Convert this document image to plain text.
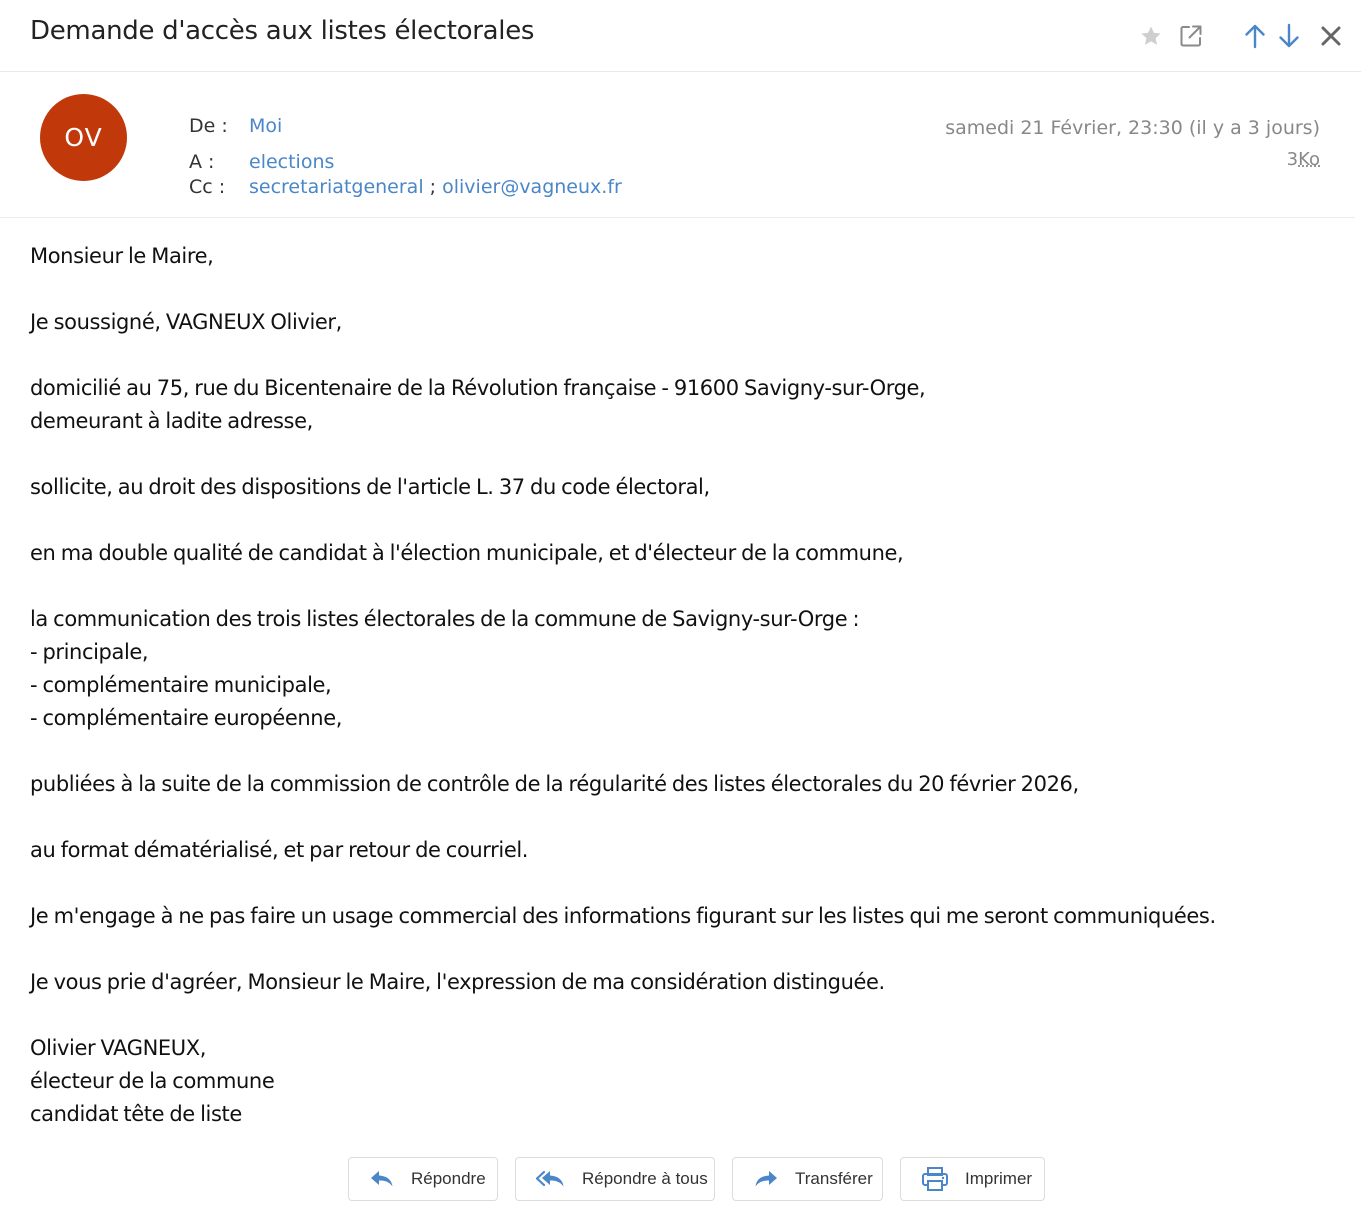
Demande d'accès aux listes électorales
OV	De : Moi
A : elections
Cc : secretariatgeneral ; olivier@vagneux.fr
samedi 21 Février, 23:30 (il y a 3 jours)
3Ko

Monsieur le Maire,

Je soussigné, VAGNEUX Olivier,

domicilié au 75, rue du Bicentenaire de la Révolution française - 91600 Savigny-sur-Orge,
demeurant à ladite adresse,

sollicite, au droit des dispositions de l'article L. 37 du code électoral,

en ma double qualité de candidat à l'élection municipale, et d'électeur de la commune,

la communication des trois listes électorales de la commune de Savigny-sur-Orge :
- principale,
- complémentaire municipale,
- complémentaire européenne,

publiées à la suite de la commission de contrôle de la régularité des listes électorales du 20 février 2026,

au format dématérialisé, et par retour de courriel.

Je m'engage à ne pas faire un usage commercial des informations figurant sur les listes qui me seront communiquées.

Je vous prie d'agréer, Monsieur le Maire, l'expression de ma considération distinguée.

Olivier VAGNEUX,
électeur de la commune
candidat tête de liste

Répondre	Répondre à tous	Transférer	Imprimer
